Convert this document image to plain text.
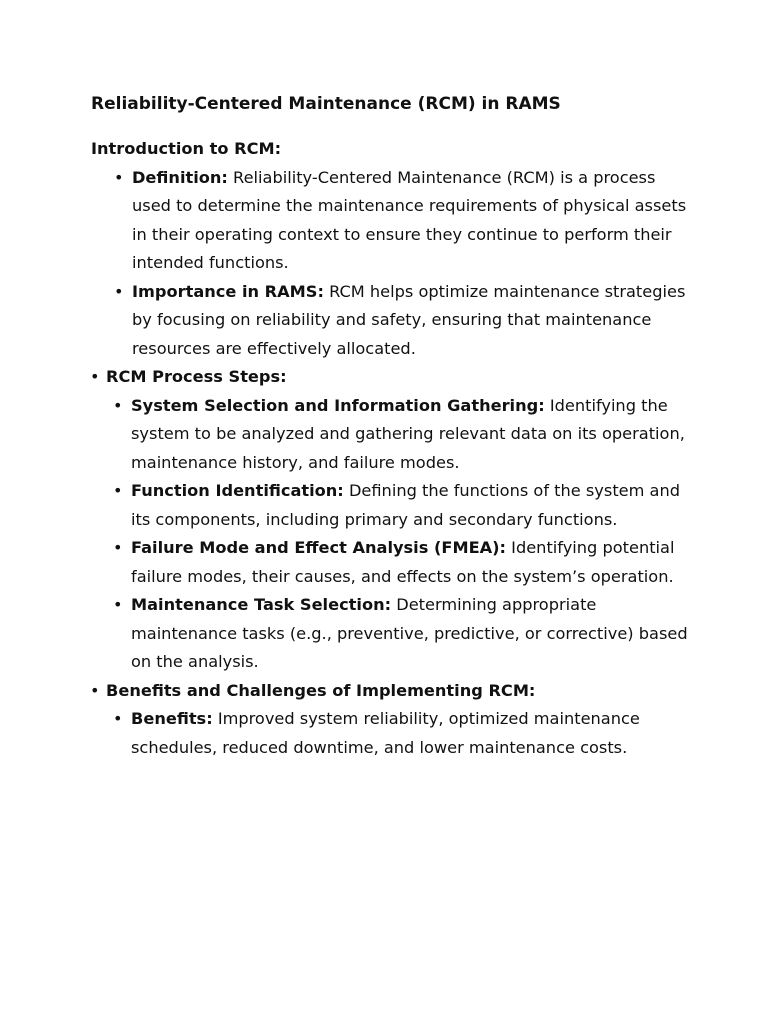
Reliability-Centered Maintenance (RCM) in RAMS

Introduction to RCM:

• Definition: Reliability-Centered Maintenance (RCM) is a process used to determine the maintenance requirements of physical assets in their operating context to ensure they continue to perform their intended functions.
• Importance in RAMS: RCM helps optimize maintenance strategies by focusing on reliability and safety, ensuring that maintenance resources are effectively allocated.
• RCM Process Steps:
• System Selection and Information Gathering: Identifying the system to be analyzed and gathering relevant data on its operation, maintenance history, and failure modes.
• Function Identification: Defining the functions of the system and its components, including primary and secondary functions.
• Failure Mode and Effect Analysis (FMEA): Identifying potential failure modes, their causes, and effects on the system’s operation.
• Maintenance Task Selection: Determining appropriate maintenance tasks (e.g., preventive, predictive, or corrective) based on the analysis.
• Benefits and Challenges of Implementing RCM:
• Benefits: Improved system reliability, optimized maintenance schedules, reduced downtime, and lower maintenance costs.
